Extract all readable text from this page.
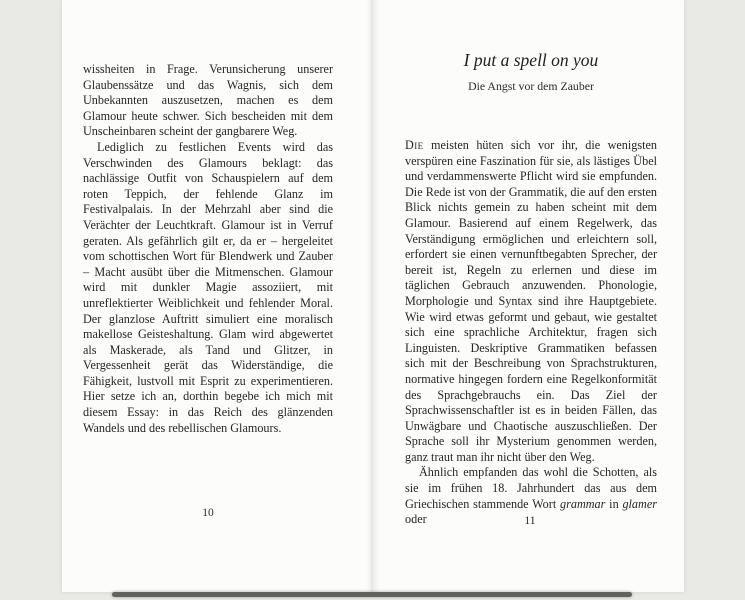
wissheiten in Frage. Verunsicherung unserer Glaubenssätze und das Wagnis, sich dem Unbekannten auszusetzen, machen es dem Glamour heute schwer. Sich bescheiden mit dem Unscheinbaren scheint der gangbarere Weg.

Lediglich zu festlichen Events wird das Verschwinden des Glamours beklagt: das nachlässige Outfit von Schauspielern auf dem roten Teppich, der fehlende Glanz im Festivalpalais. In der Mehrzahl aber sind die Verächter der Leuchtkraft. Glamour ist in Verruf geraten. Als gefährlich gilt er, da er – hergeleitet vom schottischen Wort für Blendwerk und Zauber – Macht ausübt über die Mitmenschen. Glamour wird mit dunkler Magie assoziiert, mit unreflektierter Weiblichkeit und fehlender Moral. Der glanzlose Auftritt simuliert eine moralisch makellose Geisteshaltung. Glam wird abgewertet als Maskerade, als Tand und Glitzer, in Vergessenheit gerät das Widerständige, die Fähigkeit, lustvoll mit Esprit zu experimentieren. Hier setze ich an, dorthin begebe ich mich mit diesem Essay: in das Reich des glänzenden Wandels und des rebellischen Glamours.

10
I put a spell on you
Die Angst vor dem Zauber

Die meisten hüten sich vor ihr, die wenigsten verspüren eine Faszination für sie, als lästiges Übel und verdammenswerte Pflicht wird sie empfunden. Die Rede ist von der Grammatik, die auf den ersten Blick nichts gemein zu haben scheint mit dem Glamour. Basierend auf einem Regelwerk, das Verständigung ermöglichen und erleichtern soll, erfordert sie einen vernunftbegabten Sprecher, der bereit ist, Regeln zu erlernen und diese im täglichen Gebrauch anzuwenden. Phonologie, Morphologie und Syntax sind ihre Hauptgebiete. Wie wird etwas geformt und gebaut, wie gestaltet sich eine sprachliche Architektur, fragen sich Linguisten. Deskriptive Grammatiken befassen sich mit der Beschreibung von Sprachstrukturen, normative hingegen fordern eine Regelkonformität des Sprachgebrauchs ein. Das Ziel der Sprachwissenschaftler ist es in beiden Fällen, das Unwägbare und Chaotische auszuschließen. Der Sprache soll ihr Mysterium genommen werden, ganz traut man ihr nicht über den Weg.

Ähnlich empfanden das wohl die Schotten, als sie im frühen 18. Jahrhundert das aus dem Griechischen stammende Wort grammar in glamer oder	11
